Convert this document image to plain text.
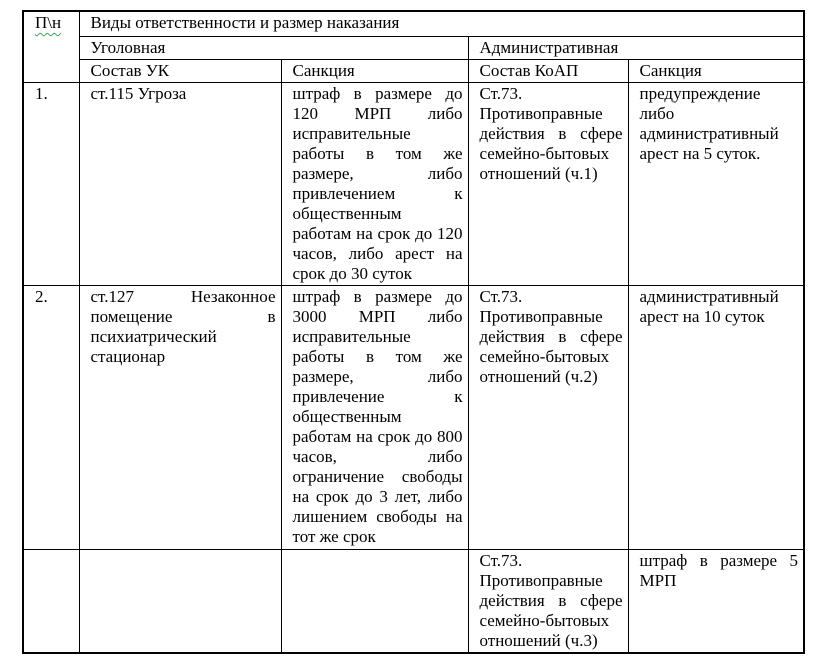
П\н	Виды ответственности и размер наказания			
	Уголовная		Административная	
	Состав УК	Санкция	Состав КоАП	Санкция
1.	ст.115 Угроза	штраф в размере до 120 МРП либо исправительные работы в том же размере, либо привлечением к общественным работам на срок до 120 часов, либо арест на срок до 30 суток	Ст.73. Противоправные действия в сфере семейно-бытовых отношений (ч.1)	предупреждение либо административный арест на 5 суток.
2.	ст.127 Незаконное помещение в психиатрический стационар	штраф в размере до 3000 МРП либо исправительные работы в том же размере, либо привлечение к общественным работам на срок до 800 часов, либо ограничение свободы на срок до 3 лет, либо лишением свободы на тот же срок	Ст.73. Противоправные действия в сфере семейно-бытовых отношений (ч.2)	административный арест на 10 суток
			Ст.73. Противоправные действия в сфере семейно-бытовых отношений (ч.3)	штраф в размере 5 МРП
